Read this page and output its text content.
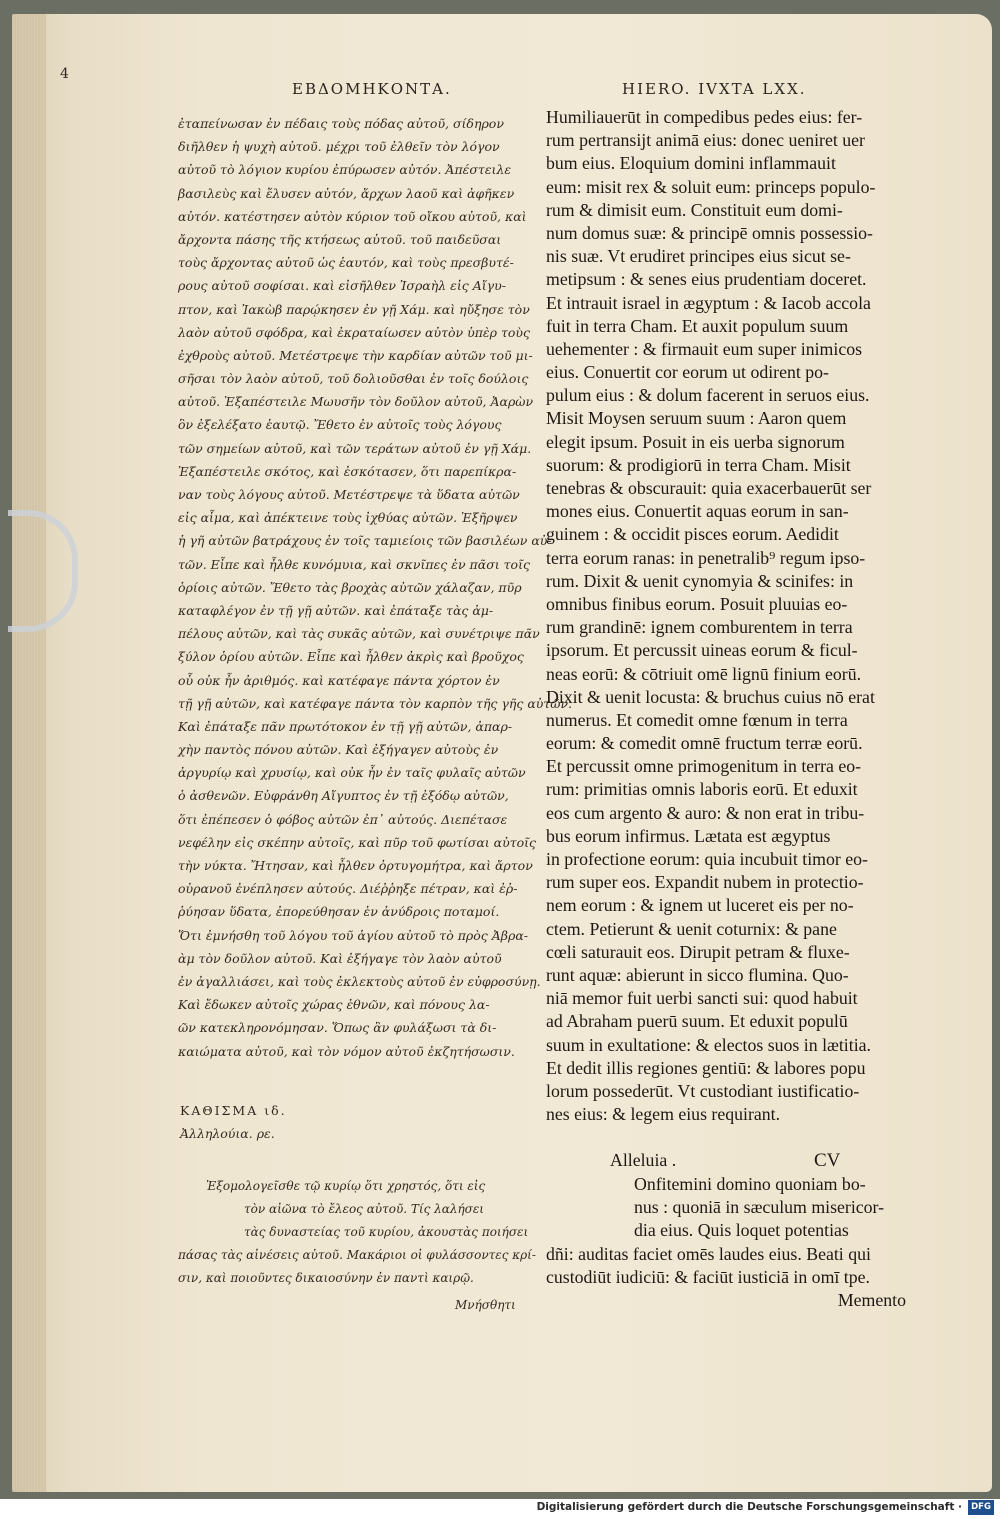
4
ΕΒΔΟΜΗΚΟΝΤΑ.	HIERO. IVXTA LXX.
ἐταπείνωσαν ἐν πέδαις τοὺς πόδας αὐτοῦ, σίδηρον
διῆλθεν ἡ ψυχὴ αὐτοῦ. μέχρι τοῦ ἐλθεῖν τὸν λόγον
αὐτοῦ τὸ λόγιον κυρίου ἐπύρωσεν αὐτόν. Ἀπέστειλε
βασιλεὺς καὶ ἔλυσεν αὐτόν, ἄρχων λαοῦ καὶ ἀφῆκεν
αὐτόν. κατέστησεν αὐτὸν κύριον τοῦ οἴκου αὐτοῦ, καὶ
ἄρχοντα πάσης τῆς κτήσεως αὐτοῦ. τοῦ παιδεῦσαι
τοὺς ἄρχοντας αὐτοῦ ὡς ἑαυτόν, καὶ τοὺς πρεσβυτέ-
ρους αὐτοῦ σοφίσαι. καὶ εἰσῆλθεν Ἰσραὴλ εἰς Αἴγυ-
πτον, καὶ Ἰακὼβ παρῴκησεν ἐν γῇ Χάμ. καὶ ηὔξησε τὸν
λαὸν αὐτοῦ σφόδρα, καὶ ἐκραταίωσεν αὐτὸν ὑπὲρ τοὺς
ἐχθροὺς αὐτοῦ. Μετέστρεψε τὴν καρδίαν αὐτῶν τοῦ μι-
σῆσαι τὸν λαὸν αὐτοῦ, τοῦ δολιοῦσθαι ἐν τοῖς δούλοις
αὐτοῦ. Ἐξαπέστειλε Μωυσῆν τὸν δοῦλον αὐτοῦ, Ἀαρὼν
ὃν ἐξελέξατο ἑαυτῷ. Ἔθετο ἐν αὐτοῖς τοὺς λόγους
τῶν σημείων αὐτοῦ, καὶ τῶν τεράτων αὐτοῦ ἐν γῇ Χάμ.
Ἐξαπέστειλε σκότος, καὶ ἐσκότασεν, ὅτι παρεπίκρα-
ναν τοὺς λόγους αὐτοῦ. Μετέστρεψε τὰ ὕδατα αὐτῶν
εἰς αἷμα, καὶ ἀπέκτεινε τοὺς ἰχθύας αὐτῶν. Ἐξῆρψεν
ἡ γῆ αὐτῶν βατράχους ἐν τοῖς ταμιείοις τῶν βασιλέων αὐ-
τῶν. Εἶπε καὶ ἦλθε κυνόμυια, καὶ σκνῖπες ἐν πᾶσι τοῖς
ὁρίοις αὐτῶν. Ἔθετο τὰς βροχὰς αὐτῶν χάλαζαν, πῦρ
καταφλέγον ἐν τῇ γῇ αὐτῶν. καὶ ἐπάταξε τὰς ἀμ-
πέλους αὐτῶν, καὶ τὰς συκᾶς αὐτῶν, καὶ συνέτριψε πᾶν
ξύλον ὁρίου αὐτῶν. Εἶπε καὶ ἦλθεν ἀκρὶς καὶ βροῦχος
οὗ οὐκ ἦν ἀριθμός. καὶ κατέφαγε πάντα χόρτον ἐν
τῇ γῇ αὐτῶν, καὶ κατέφαγε πάντα τὸν καρπὸν τῆς γῆς αὐτῶν.
Καὶ ἐπάταξε πᾶν πρωτότοκον ἐν τῇ γῇ αὐτῶν, ἀπαρ-
χὴν παντὸς πόνου αὐτῶν. Καὶ ἐξήγαγεν αὐτοὺς ἐν
ἀργυρίῳ καὶ χρυσίῳ, καὶ οὐκ ἦν ἐν ταῖς φυλαῖς αὐτῶν
ὁ ἀσθενῶν. Εὐφράνθη Αἴγυπτος ἐν τῇ ἐξόδῳ αὐτῶν,
ὅτι ἐπέπεσεν ὁ φόβος αὐτῶν ἐπ᾽ αὐτούς. Διεπέτασε
νεφέλην εἰς σκέπην αὐτοῖς, καὶ πῦρ τοῦ φωτίσαι αὐτοῖς
τὴν νύκτα. Ἤτησαν, καὶ ἦλθεν ὀρτυγομήτρα, καὶ ἄρτον
οὐρανοῦ ἐνέπλησεν αὐτούς. Διέῤῥηξε πέτραν, καὶ ἐῤ-
ῥύησαν ὕδατα, ἐπορεύθησαν ἐν ἀνύδροις ποταμοί.
Ὅτι ἐμνήσθη τοῦ λόγου τοῦ ἁγίου αὐτοῦ τὸ πρὸς Ἀβρα-
ὰμ τὸν δοῦλον αὐτοῦ. Καὶ ἐξήγαγε τὸν λαὸν αὐτοῦ
ἐν ἀγαλλιάσει, καὶ τοὺς ἐκλεκτοὺς αὐτοῦ ἐν εὐφροσύνῃ.
Καὶ ἔδωκεν αὐτοῖς χώρας ἐθνῶν, καὶ πόνους λα-
ῶν κατεκληρονόμησαν. Ὅπως ἂν φυλάξωσι τὰ δι-
καιώματα αὐτοῦ, καὶ τὸν νόμον αὐτοῦ ἐκζητήσωσιν.
ΚΑΘΙΣΜΑ ιδ.
Ἀλληλούια. ρε.
Ἐξομολογεῖσθε τῷ κυρίῳ ὅτι χρηστός, ὅτι εἰς
τὸν αἰῶνα τὸ ἔλεος αὐτοῦ. Τίς λαλήσει
τὰς δυναστείας τοῦ κυρίου, ἀκουστὰς ποιήσει
πάσας τὰς αἰνέσεις αὐτοῦ. Μακάριοι οἱ φυλάσσοντες κρί-
σιν, καὶ ποιοῦντες δικαιοσύνην ἐν παντὶ καιρῷ.
Μνήσθητι
Humiliauerūt in compedibus pedes eius: fer-
rum pertransijt animā eius: donec ueniret uer
bum eius. Eloquium domini inflammauit
eum: misit rex & soluit eum: princeps populo-
rum & dimisit eum. Constituit eum domi-
num domus suæ: & principē omnis possessio-
nis suæ. Vt erudiret principes eius sicut se-
metipsum : & senes eius prudentiam doceret.
Et intrauit israel in ægyptum : & Iacob accola
fuit in terra Cham. Et auxit populum suum
uehementer : & firmauit eum super inimicos
eius. Conuertit cor eorum ut odirent po-
pulum eius : & dolum facerent in seruos eius.
Misit Moysen seruum suum : Aaron quem
elegit ipsum. Posuit in eis uerba signorum
suorum: & prodigiorū in terra Cham. Misit
tenebras & obscurauit: quia exacerbauerūt ser
mones eius. Conuertit aquas eorum in san-
guinem : & occidit pisces eorum. Aedidit
terra eorum ranas: in penetralib⁹ regum ipso-
rum. Dixit & uenit cynomyia & scinifes: in
omnibus finibus eorum. Posuit pluuias eo-
rum grandinē: ignem comburentem in terra
ipsorum. Et percussit uineas eorum & ficul-
neas eorū: & cōtriuit omē lignū finium eorū.
Dixit & uenit locusta: & bruchus cuius nō erat
numerus. Et comedit omne fœnum in terra
eorum: & comedit omnē fructum terræ eorū.
Et percussit omne primogenitum in terra eo-
rum: primitias omnis laboris eorū. Et eduxit
eos cum argento & auro: & non erat in tribu-
bus eorum infirmus. Lætata est ægyptus
in profectione eorum: quia incubuit timor eo-
rum super eos. Expandit nubem in protectio-
nem eorum : & ignem ut luceret eis per no-
ctem. Petierunt & uenit coturnix: & pane
cœli saturauit eos. Dirupit petram & fluxe-
runt aquæ: abierunt in sicco flumina. Quo-
niā memor fuit uerbi sancti sui: quod habuit
ad Abraham puerū suum. Et eduxit populū
suum in exultatione: & electos suos in lætitia.
Et dedit illis regiones gentiū: & labores popu
lorum possederūt. Vt custodiant iustificatio-
nes eius: & legem eius requirant.
Alleluia .	CV
Onfitemini domino quoniam bo-
nus : quoniā in sæculum misericor-
dia eius. Quis loquet potentias
dñi: auditas faciet omēs laudes eius. Beati qui
custodiūt iudiciū: & faciūt iusticiā in omī tpe.
Memento
Digitalisierung gefördert durch die Deutsche Forschungsgemeinschaft ·	DFG
